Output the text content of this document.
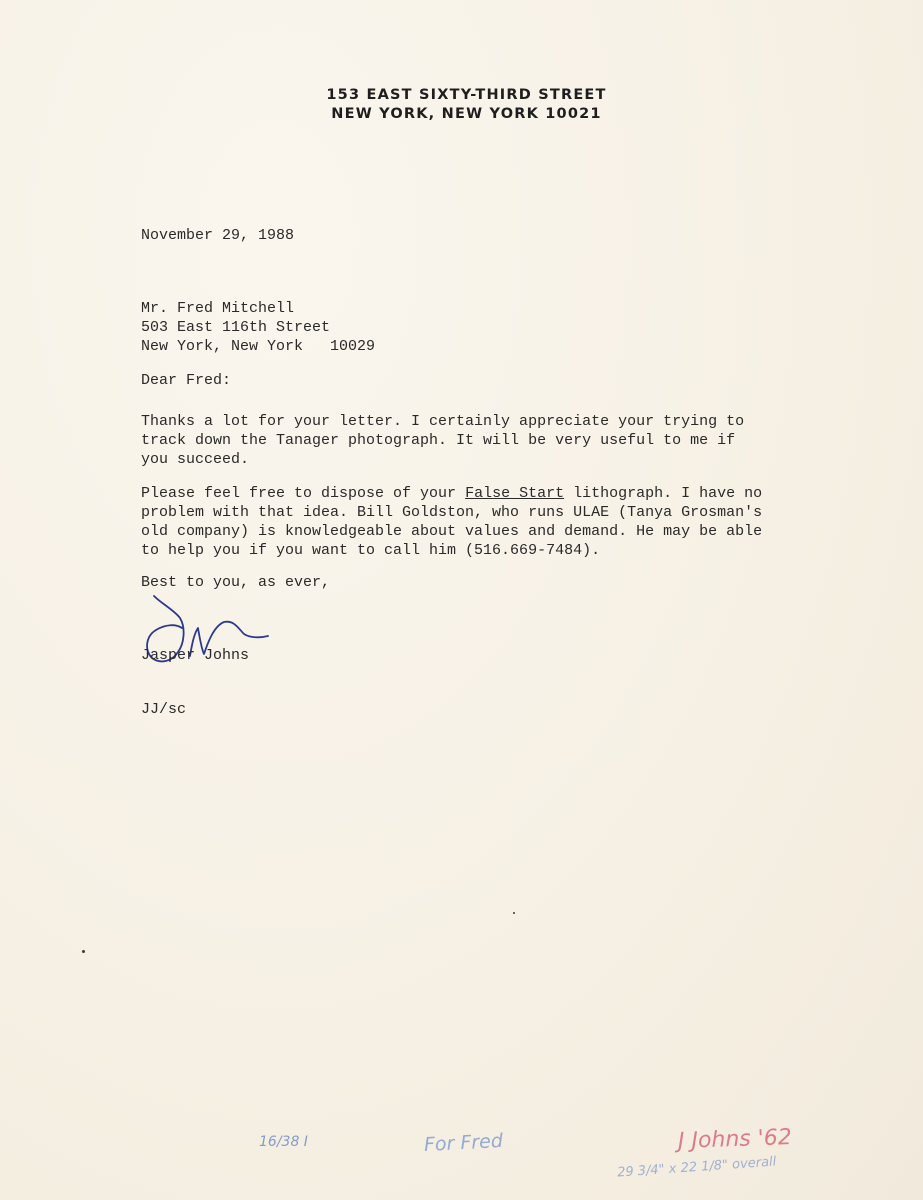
153 EAST SIXTY-THIRD STREET
NEW YORK, NEW YORK 10021
November 29, 1988
Mr. Fred Mitchell
503 East 116th Street
New York, New York   10029
Dear Fred:
Thanks a lot for your letter. I certainly appreciate your trying to
track down the Tanager photograph. It will be very useful to me if
you succeed.
Please feel free to dispose of your False Start lithograph. I have no
problem with that idea. Bill Goldston, who runs ULAE (Tanya Grosman's
old company) is knowledgeable about values and demand. He may be able
to help you if you want to call him (516.669-7484).
Best to you, as ever,
Jasper Johns
JJ/sc
16/38 I	For Fred	J Johns '62
29 3/4" x 22 1/8" overall
